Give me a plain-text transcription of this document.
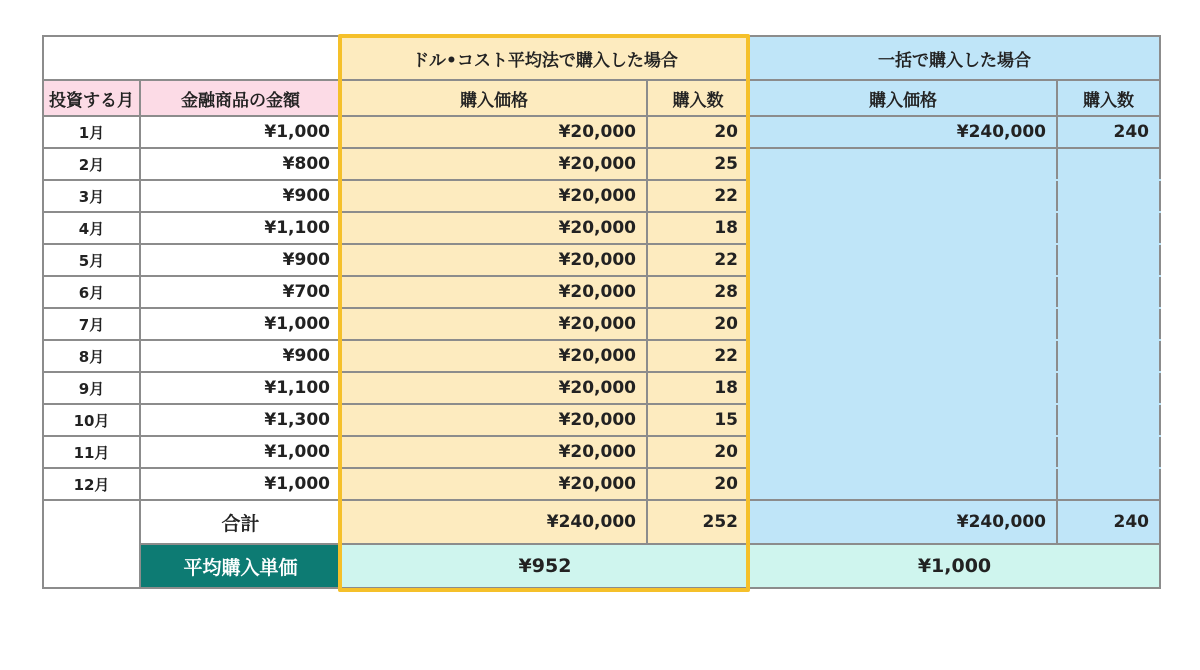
		ドル•コスト平均法で購入した場合		一括で購入した場合	
投資する月	金融商品の金額	購入価格	購入数	購入価格	購入数
1月	¥1,000	¥20,000	20	¥240,000	240
2月	¥800	¥20,000	25		
3月	¥900	¥20,000	22		
4月	¥1,100	¥20,000	18		
5月	¥900	¥20,000	22		
6月	¥700	¥20,000	28		
7月	¥1,000	¥20,000	20		
8月	¥900	¥20,000	22		
9月	¥1,100	¥20,000	18		
10月	¥1,300	¥20,000	15		
11月	¥1,000	¥20,000	20		
12月	¥1,000	¥20,000	20		
	合計	¥240,000	252	¥240,000	240
	平均購入単価	¥952		¥1,000	
